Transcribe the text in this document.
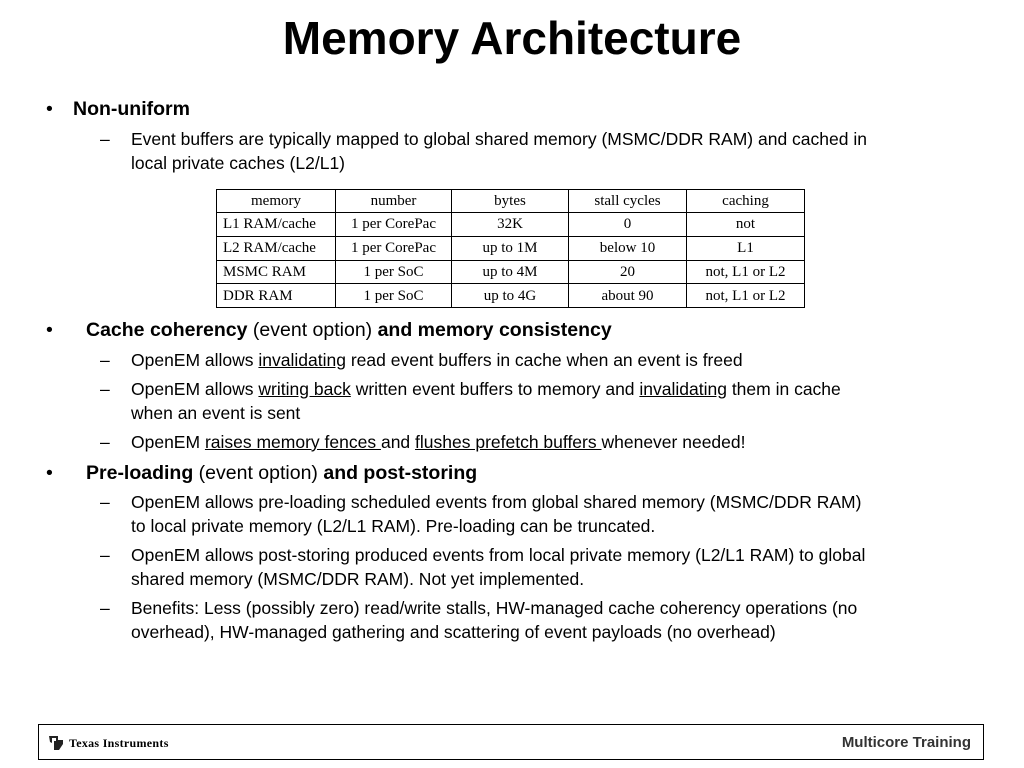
Memory Architecture
• Non-uniform
– Event buffers are typically mapped to global shared memory (MSMC/DDR RAM) and cached in
local private caches (L2/L1)
memory	number	bytes	stall cycles	caching
L1 RAM/cache	1 per CorePac	32K	0	not
L2 RAM/cache	1 per CorePac	up to 1M	below 10	L1
MSMC RAM	1 per SoC	up to 4M	20	not, L1 or L2
DDR RAM	1 per SoC	up to 4G	about 90	not, L1 or L2
• Cache coherency (event option) and memory consistency
– OpenEM allows invalidating read event buffers in cache when an event is freed
– OpenEM allows writing back written event buffers to memory and invalidating them in cache
when an event is sent
– OpenEM raises memory fences and flushes prefetch buffers whenever needed!
• Pre-loading (event option) and post-storing
– OpenEM allows pre-loading scheduled events from global shared memory (MSMC/DDR RAM)
to local private memory (L2/L1 RAM). Pre-loading can be truncated.
– OpenEM allows post-storing produced events from local private memory (L2/L1 RAM) to global
shared memory (MSMC/DDR RAM). Not yet implemented.
– Benefits: Less (possibly zero) read/write stalls, HW-managed cache coherency operations (no
overhead), HW-managed gathering and scattering of event payloads (no overhead)
Texas Instruments	Multicore Training
